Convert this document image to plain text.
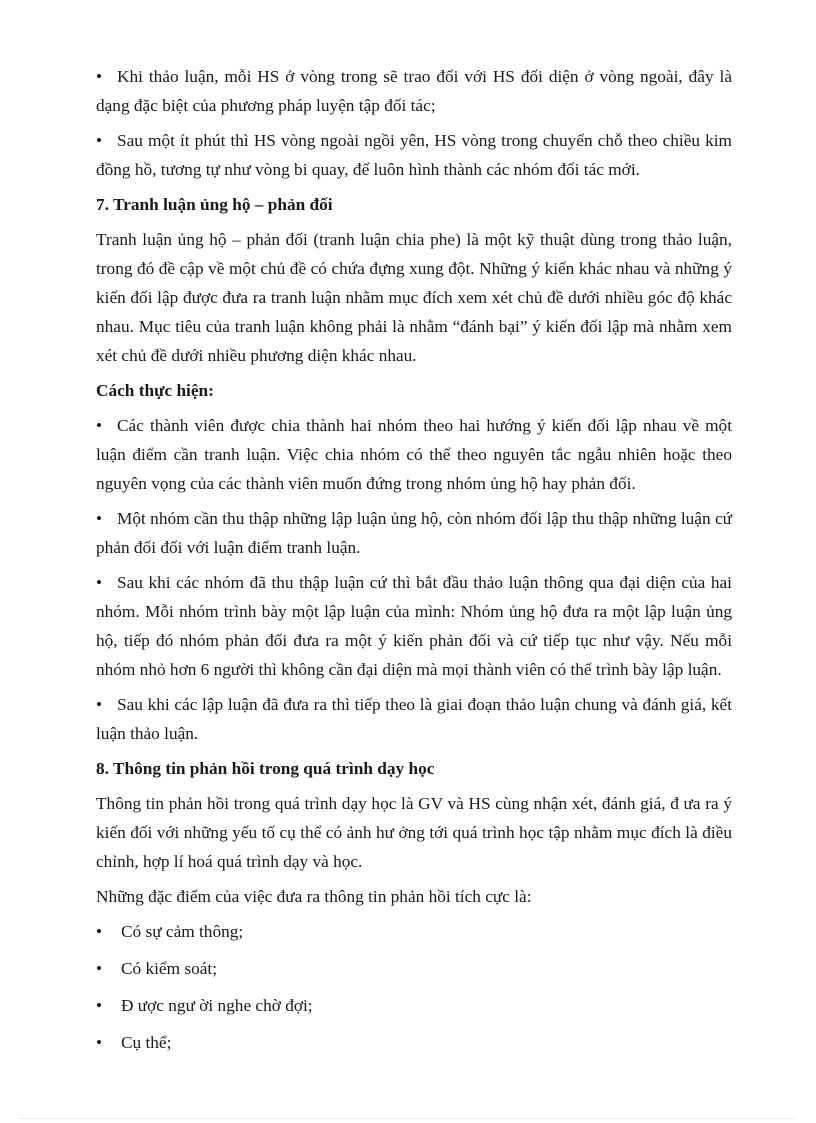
• Khi thảo luận, mỗi HS ở vòng trong sẽ trao đổi với HS đối diện ở vòng ngoài, đây là dạng đặc biệt của phương pháp luyện tập đối tác;
• Sau một ít phút thì HS vòng ngoài ngồi yên, HS vòng trong chuyển chỗ theo chiều kim đồng hồ, tương tự như vòng bi quay, để luôn hình thành các nhóm đối tác mới.
7. Tranh luận ủng hộ – phản đối
Tranh luận ủng hộ – phản đối (tranh luận chia phe) là một kỹ thuật dùng trong thảo luận, trong đó đề cập về một chủ đề có chứa đựng xung đột. Những ý kiến khác nhau và những ý kiến đối lập được đưa ra tranh luận nhằm mục đích xem xét chủ đề dưới nhiều góc độ khác nhau. Mục tiêu của tranh luận không phải là nhằm “đánh bại” ý kiến đối lập mà nhằm xem xét chủ đề dưới nhiều phương diện khác nhau.
Cách thực hiện:
• Các thành viên được chia thành hai nhóm theo hai hướng ý kiến đối lập nhau về một luận điểm cần tranh luận. Việc chia nhóm có thể theo nguyên tắc ngẫu nhiên hoặc theo nguyên vọng của các thành viên muốn đứng trong nhóm ủng hộ hay phản đối.
• Một nhóm cần thu thập những lập luận ủng hộ, còn nhóm đối lập thu thập những luận cứ phản đối đối với luận điểm tranh luận.
• Sau khi các nhóm đã thu thập luận cứ thì bắt đầu thảo luận thông qua đại diện của hai nhóm. Mỗi nhóm trình bày một lập luận của mình: Nhóm ủng hộ đưa ra một lập luận ủng hộ, tiếp đó nhóm phản đối đưa ra một ý kiến phản đối và cứ tiếp tục như vậy. Nếu mỗi nhóm nhỏ hơn 6 người thì không cần đại diện mà mọi thành viên có thể trình bày lập luận.
• Sau khi các lập luận đã đưa ra thì tiếp theo là giai đoạn thảo luận chung và đánh giá, kết luận thảo luận.
8. Thông tin phản hồi trong quá trình dạy học
Thông tin phản hồi trong quá trình dạy học là GV và HS cùng nhận xét, đánh giá, đ ưa ra ý kiến đối với những yếu tố cụ thể có ảnh hư ởng tới quá trình học tập nhằm mục đích là điều chỉnh, hợp lí hoá quá trình dạy và học.
Những đặc điểm của việc đưa ra thông tin phản hồi tích cực là:
•	Có sự cảm thông;
•	Có kiểm soát;
•	Đ ược ngư ời nghe chờ đợi;
•	Cụ thể;
